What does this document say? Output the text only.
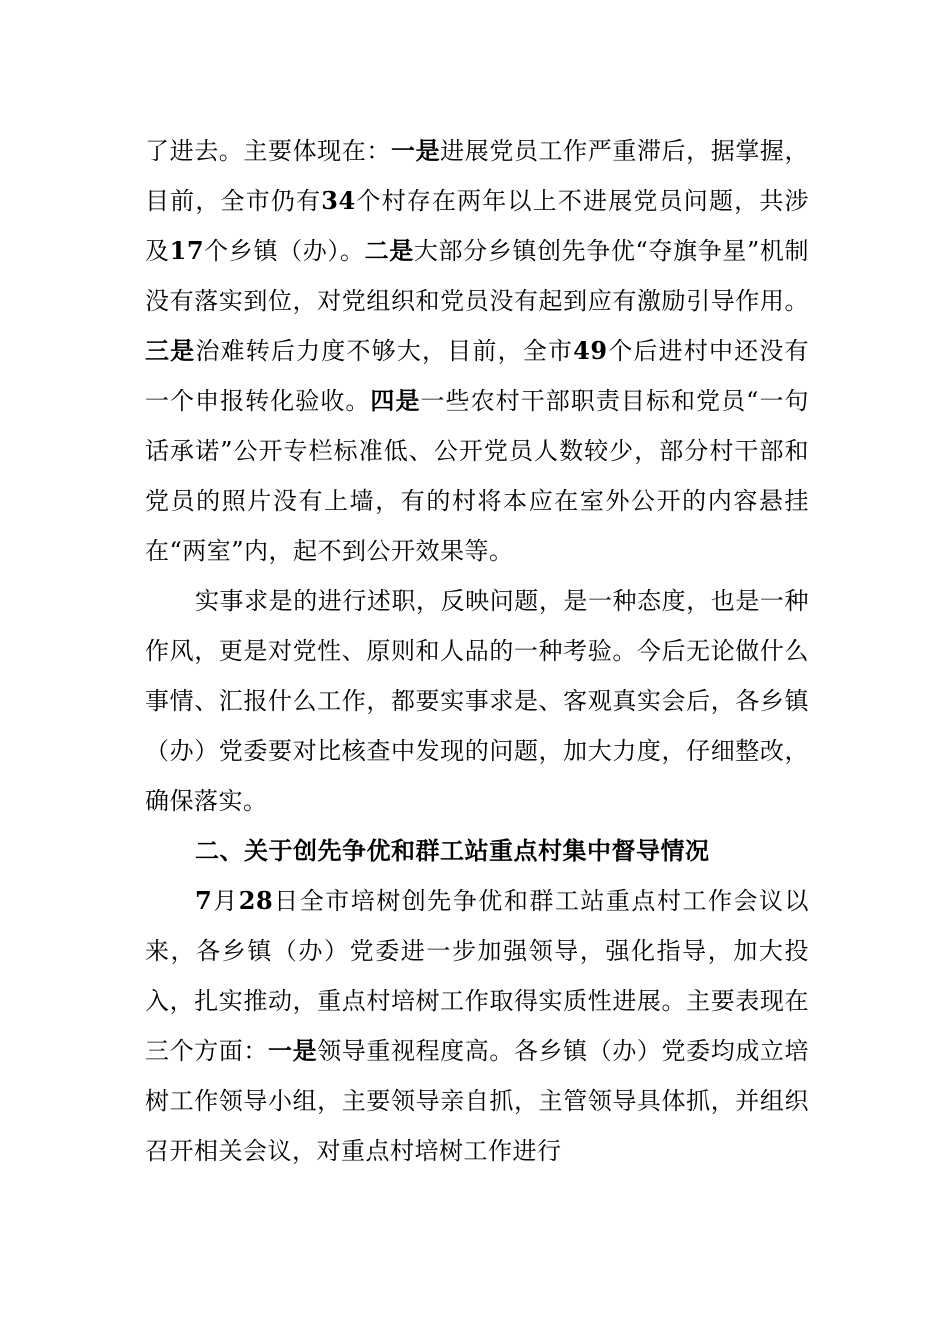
了进去。主要体现在：一是进展党员工作严重滞后，据掌握，目前，全市仍有34个村存在两年以上不进展党员问题，共涉及17个乡镇（办）。二是大部分乡镇创先争优“夺旗争星”机制没有落实到位，对党组织和党员没有起到应有激励引导作用。三是治难转后力度不够大，目前，全市49个后进村中还没有一个申报转化验收。四是一些农村干部职责目标和党员“一句话承诺”公开专栏标准低、公开党员人数较少，部分村干部和党员的照片没有上墙，有的村将本应在室外公开的内容悬挂在“两室”内，起不到公开效果等。

实事求是的进行述职，反映问题，是一种态度，也是一种作风，更是对党性、原则和人品的一种考验。今后无论做什么事情、汇报什么工作，都要实事求是、客观真实会后，各乡镇（办）党委要对比核查中发现的问题，加大力度，仔细整改，确保落实。

二、关于创先争优和群工站重点村集中督导情况

7月28日全市培树创先争优和群工站重点村工作会议以来，各乡镇（办）党委进一步加强领导，强化指导，加大投入，扎实推动，重点村培树工作取得实质性进展。主要表现在三个方面：一是领导重视程度高。各乡镇（办）党委均成立培树工作领导小组，主要领导亲自抓，主管领导具体抓，并组织召开相关会议，对重点村培树工作进行
